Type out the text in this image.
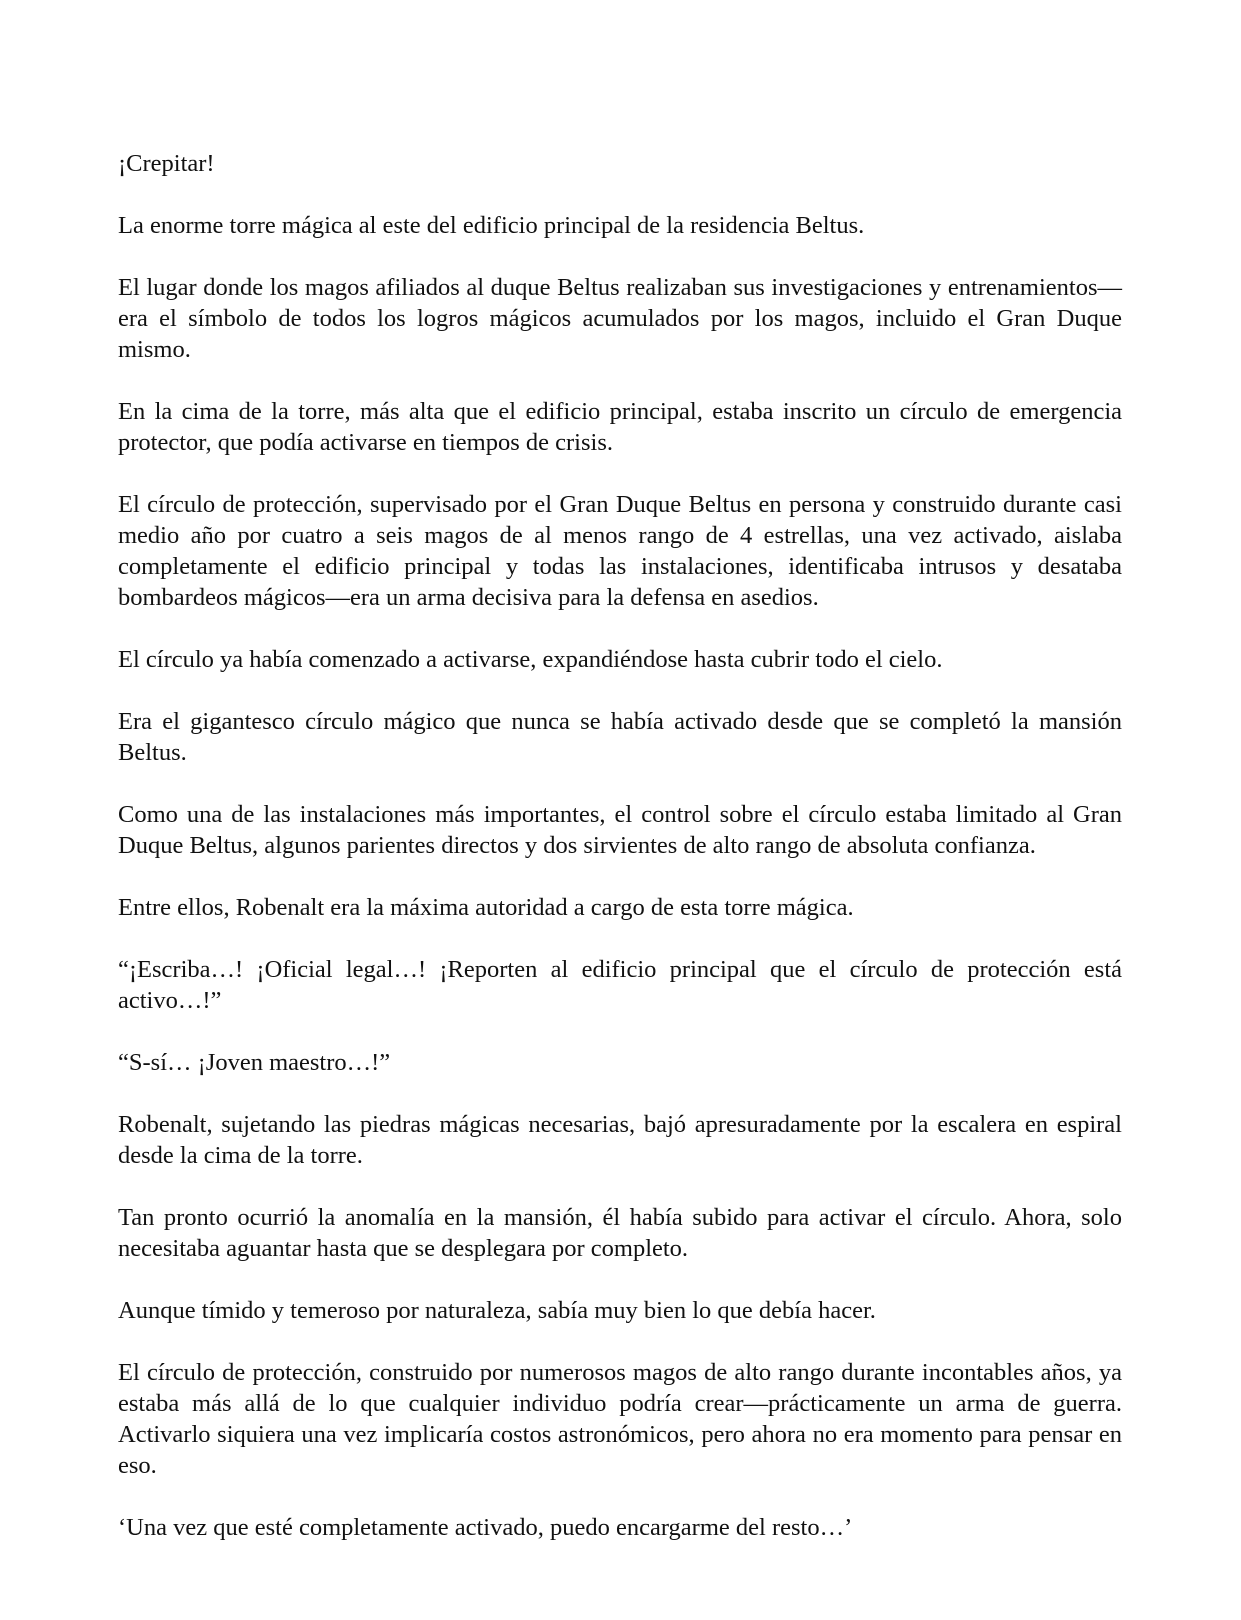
¡Crepitar!

La enorme torre mágica al este del edificio principal de la residencia Beltus.

El lugar donde los magos afiliados al duque Beltus realizaban sus investigaciones y entrenamientos—era el símbolo de todos los logros mágicos acumulados por los magos, incluido el Gran Duque mismo.

En la cima de la torre, más alta que el edificio principal, estaba inscrito un círculo de emergencia protector, que podía activarse en tiempos de crisis.

El círculo de protección, supervisado por el Gran Duque Beltus en persona y construido durante casi medio año por cuatro a seis magos de al menos rango de 4 estrellas, una vez activado, aislaba completamente el edificio principal y todas las instalaciones, identificaba intrusos y desataba bombardeos mágicos—era un arma decisiva para la defensa en asedios.

El círculo ya había comenzado a activarse, expandiéndose hasta cubrir todo el cielo.

Era el gigantesco círculo mágico que nunca se había activado desde que se completó la mansión Beltus.

Como una de las instalaciones más importantes, el control sobre el círculo estaba limitado al Gran Duque Beltus, algunos parientes directos y dos sirvientes de alto rango de absoluta confianza.

Entre ellos, Robenalt era la máxima autoridad a cargo de esta torre mágica.

“¡Escriba…! ¡Oficial legal…! ¡Reporten al edificio principal que el círculo de protección está activo…!”

“S-sí… ¡Joven maestro…!”

Robenalt, sujetando las piedras mágicas necesarias, bajó apresuradamente por la escalera en espiral desde la cima de la torre.

Tan pronto ocurrió la anomalía en la mansión, él había subido para activar el círculo. Ahora, solo necesitaba aguantar hasta que se desplegara por completo.

Aunque tímido y temeroso por naturaleza, sabía muy bien lo que debía hacer.

El círculo de protección, construido por numerosos magos de alto rango durante incontables años, ya estaba más allá de lo que cualquier individuo podría crear—prácticamente un arma de guerra. Activarlo siquiera una vez implicaría costos astronómicos, pero ahora no era momento para pensar en eso.

‘Una vez que esté completamente activado, puedo encargarme del resto…’
